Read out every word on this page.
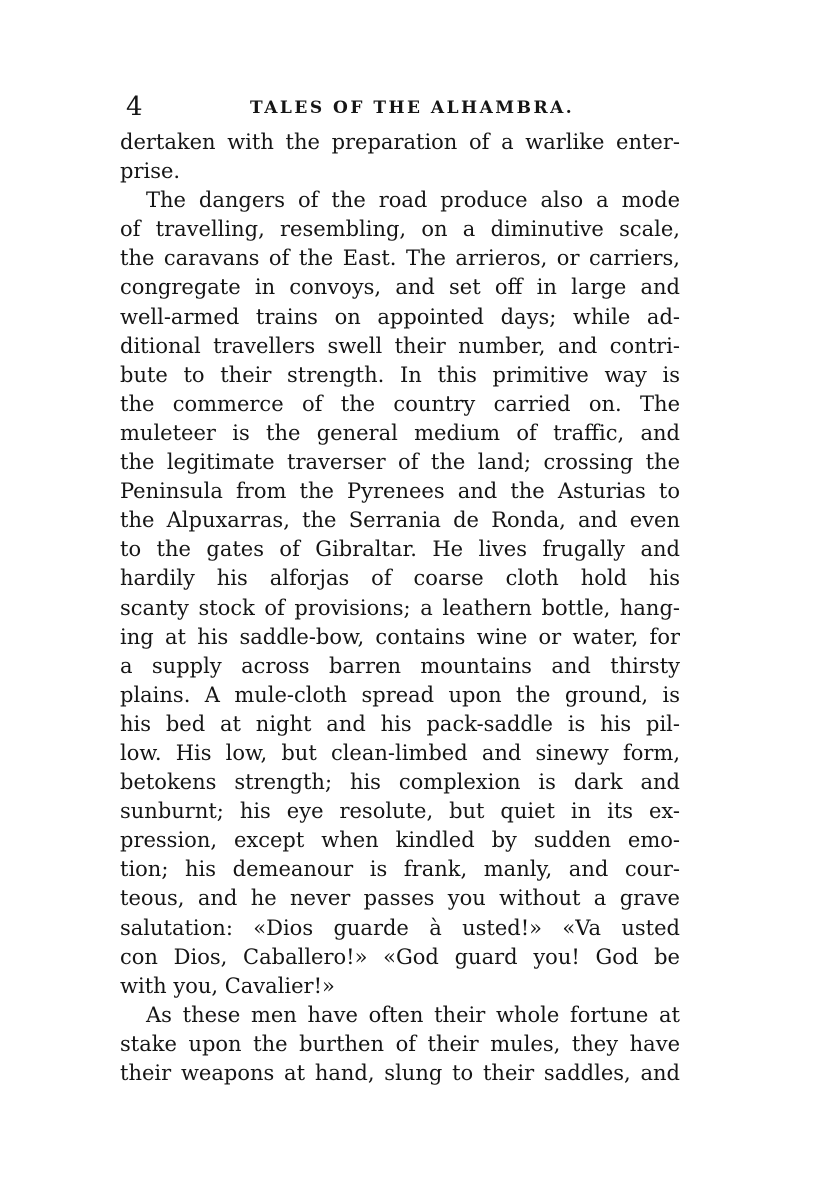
4	TALES OF THE ALHAMBRA.
dertaken with the preparation of a warlike enter-
prise.
The dangers of the road produce also a mode
of travelling, resembling, on a diminutive scale,
the caravans of the East. The arrieros, or carriers,
congregate in convoys, and set off in large and
well-armed trains on appointed days; while ad-
ditional travellers swell their number, and contri-
bute to their strength. In this primitive way is
the commerce of the country carried on. The
muleteer is the general medium of traffic, and
the legitimate traverser of the land; crossing the
Peninsula from the Pyrenees and the Asturias to
the Alpuxarras, the Serrania de Ronda, and even
to the gates of Gibraltar. He lives frugally and
hardily his alforjas of coarse cloth hold his
scanty stock of provisions; a leathern bottle, hang-
ing at his saddle-bow, contains wine or water, for
a supply across barren mountains and thirsty
plains. A mule-cloth spread upon the ground, is
his bed at night and his pack-saddle is his pil-
low. His low, but clean-limbed and sinewy form,
betokens strength; his complexion is dark and
sunburnt; his eye resolute, but quiet in its ex-
pression, except when kindled by sudden emo-
tion; his demeanour is frank, manly, and cour-
teous, and he never passes you without a grave
salutation: «Dios guarde à usted!» «Va usted
con Dios, Caballero!» «God guard you! God be
with you, Cavalier!»
As these men have often their whole fortune at
stake upon the burthen of their mules, they have
their weapons at hand, slung to their saddles, and
